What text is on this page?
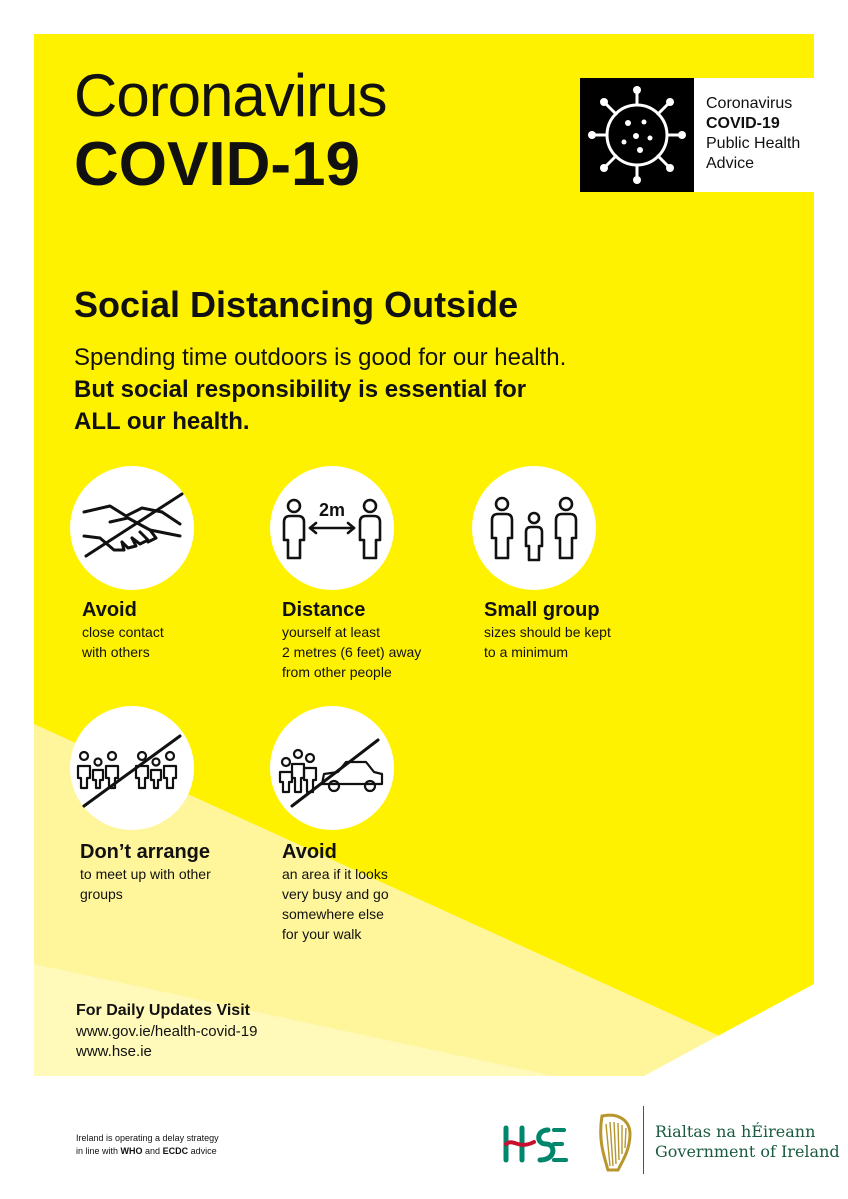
Coronavirus
COVID-19
Coronavirus
COVID-19
Public Health
Advice
Social Distancing Outside
Spending time outdoors is good for our health.
But social responsibility is essential for
ALL our health.
Avoid
close contact
with others
2m
Distance
yourself at least
2 metres (6 feet) away
from other people
Small group
sizes should be kept
to a minimum
Don’t arrange
to meet up with other
groups
Avoid
an area if it looks
very busy and go
somewhere else
for your walk
For Daily Updates Visit
www.gov.ie/health-covid-19
www.hse.ie
Ireland is operating a delay strategy
in line with WHO and ECDC advice
Rialtas na hÉireann
Government of Ireland
